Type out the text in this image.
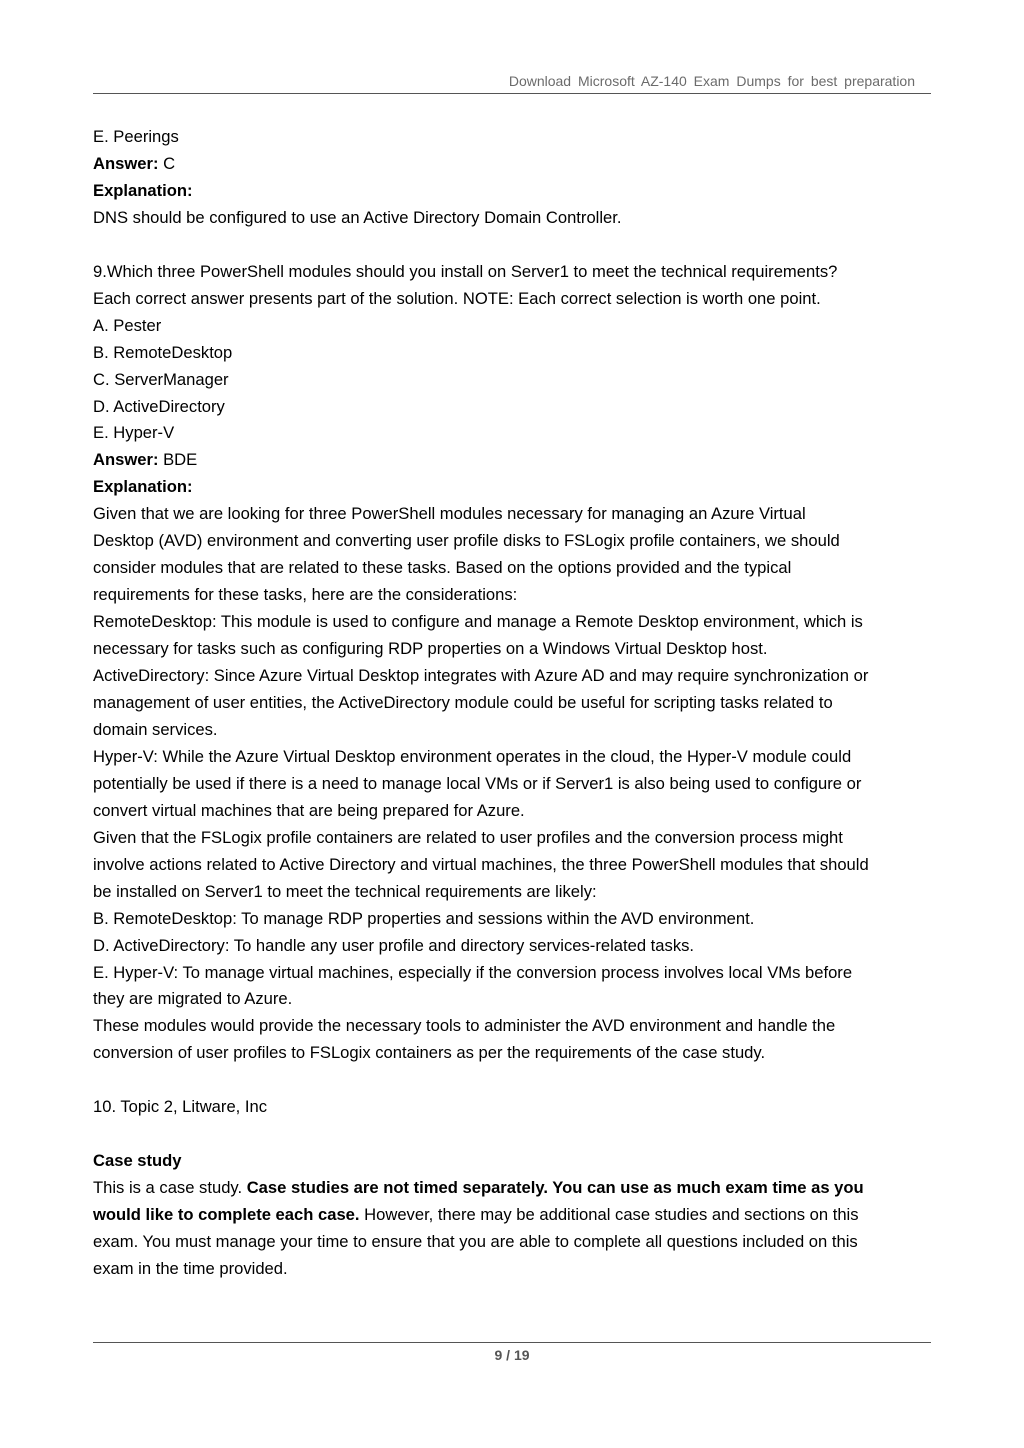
Download Microsoft AZ-140 Exam Dumps for best preparation

E. Peerings

Answer: C

Explanation:

DNS should be configured to use an Active Directory Domain Controller.

9.Which three PowerShell modules should you install on Server1 to meet the technical requirements?

Each correct answer presents part of the solution. NOTE: Each correct selection is worth one point.

A. Pester

B. RemoteDesktop

C. ServerManager

D. ActiveDirectory

E. Hyper-V

Answer: BDE

Explanation:

Given that we are looking for three PowerShell modules necessary for managing an Azure Virtual

Desktop (AVD) environment and converting user profile disks to FSLogix profile containers, we should

consider modules that are related to these tasks. Based on the options provided and the typical

requirements for these tasks, here are the considerations:

RemoteDesktop: This module is used to configure and manage a Remote Desktop environment, which is

necessary for tasks such as configuring RDP properties on a Windows Virtual Desktop host.

ActiveDirectory: Since Azure Virtual Desktop integrates with Azure AD and may require synchronization or

management of user entities, the ActiveDirectory module could be useful for scripting tasks related to

domain services.

Hyper-V: While the Azure Virtual Desktop environment operates in the cloud, the Hyper-V module could

potentially be used if there is a need to manage local VMs or if Server1 is also being used to configure or

convert virtual machines that are being prepared for Azure.

Given that the FSLogix profile containers are related to user profiles and the conversion process might

involve actions related to Active Directory and virtual machines, the three PowerShell modules that should

be installed on Server1 to meet the technical requirements are likely:

B. RemoteDesktop: To manage RDP properties and sessions within the AVD environment.

D. ActiveDirectory: To handle any user profile and directory services-related tasks.

E. Hyper-V: To manage virtual machines, especially if the conversion process involves local VMs before

they are migrated to Azure.

These modules would provide the necessary tools to administer the AVD environment and handle the

conversion of user profiles to FSLogix containers as per the requirements of the case study.

10. Topic 2, Litware, Inc

Case study

This is a case study. Case studies are not timed separately. You can use as much exam time as you

would like to complete each case. However, there may be additional case studies and sections on this

exam. You must manage your time to ensure that you are able to complete all questions included on this

exam in the time provided.

9 / 19
